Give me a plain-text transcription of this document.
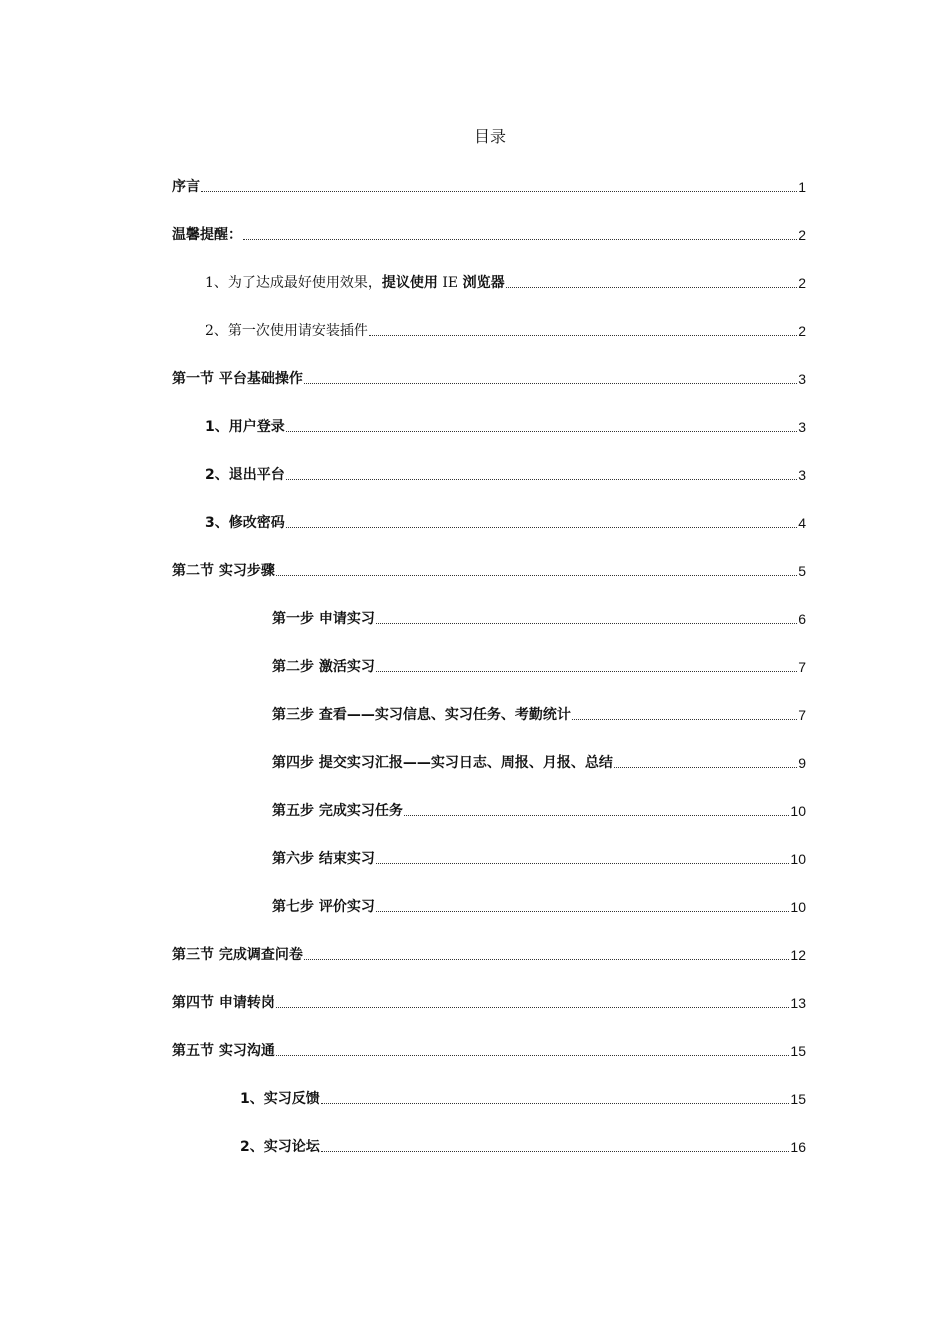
目录
序言	1
温馨提醒：	2
1、为了达成最好使用效果，提议使用 IE 浏览器	2
2、第一次使用请安装插件	2
第一节 平台基础操作	3
1、用户登录	3
2、退出平台	3
3、修改密码	4
第二节 实习步骤	5
第一步 申请实习	6
第二步 激活实习	7
第三步 查看——实习信息、实习任务、考勤统计	7
第四步 提交实习汇报——实习日志、周报、月报、总结	9
第五步 完成实习任务	10
第六步 结束实习	10
第七步 评价实习	10
第三节 完成调查问卷	12
第四节 申请转岗	13
第五节 实习沟通	15
1、实习反馈	15
2、实习论坛	16
